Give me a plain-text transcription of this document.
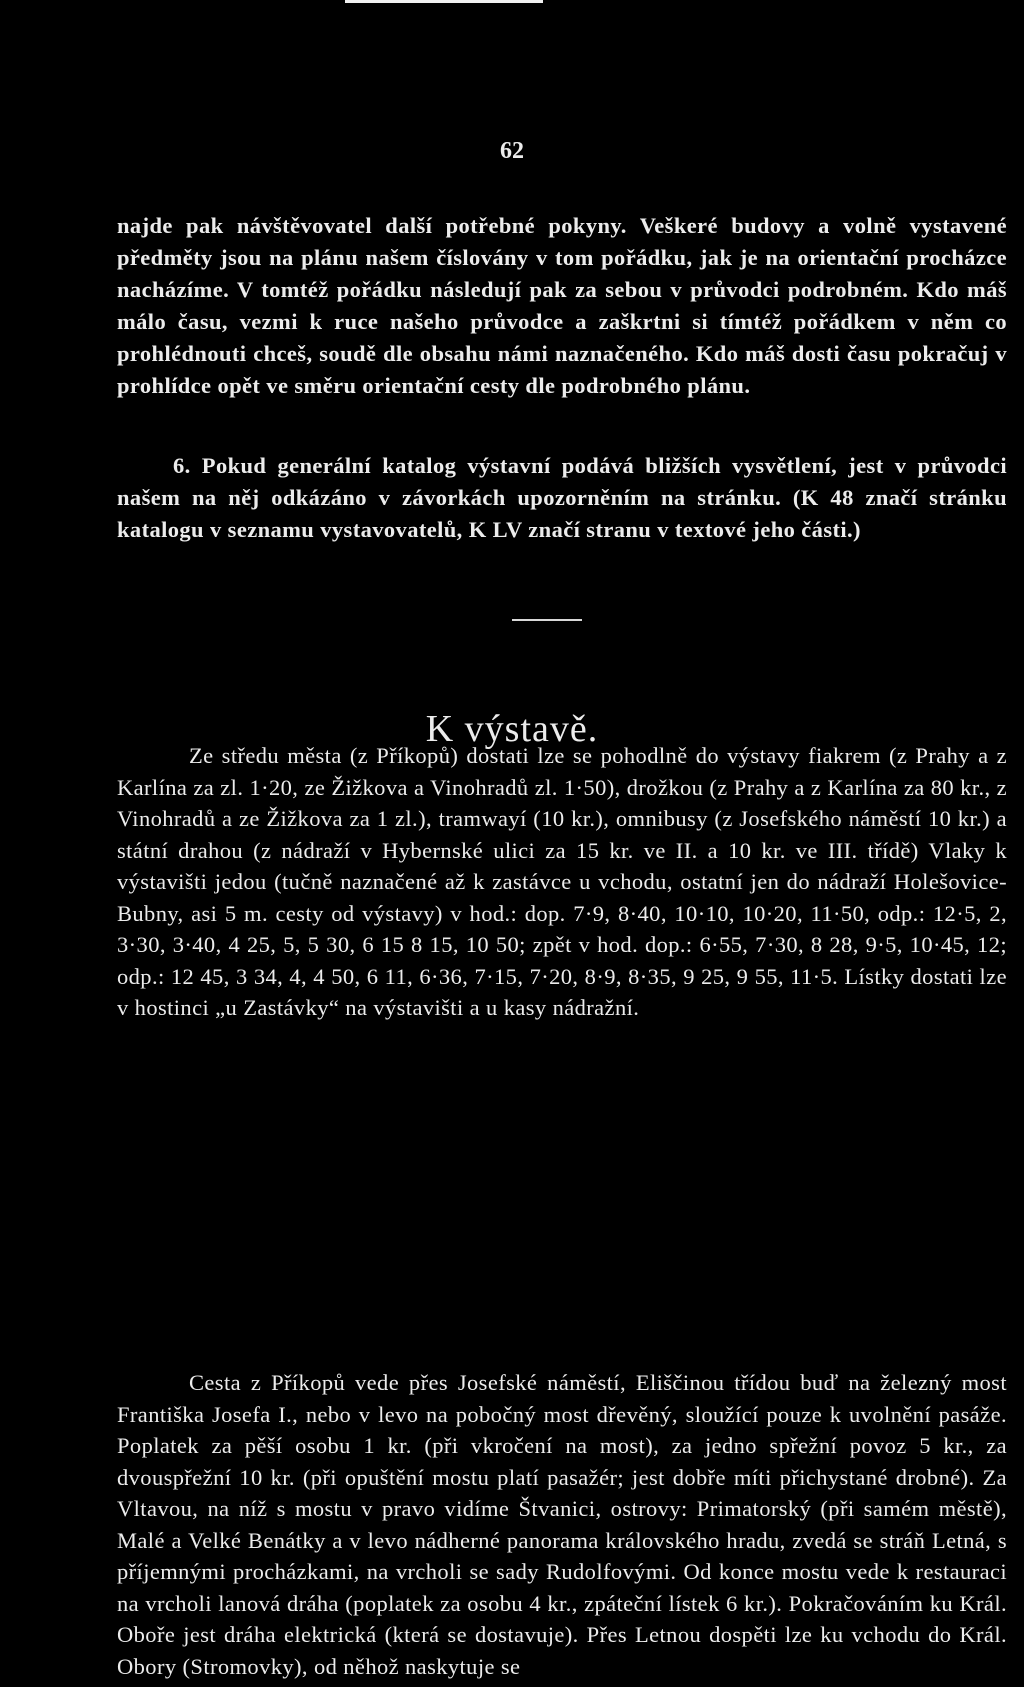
62

najde pak návštěvovatel další potřebné pokyny. Veškeré budovy a volně vystavené předměty jsou na plánu našem číslovány v tom pořádku, jak je na orientační procházce nacházíme. V tomtéž pořádku následují pak za sebou v průvodci podrobném. Kdo máš málo času, vezmi k ruce našeho průvodce a zaškrtni si tímtéž pořádkem v něm co prohlédnouti chceš, soudě dle obsahu námi naznačeného. Kdo máš dosti času pokračuj v prohlídce opět ve směru orientační cesty dle podrobného plánu.

6. Pokud generální katalog výstavní podává bližších vysvětlení, jest v průvodci našem na něj odkázáno v závorkách upozorněním na stránku. (K 48 značí stránku katalogu v seznamu vystavovatelů, K LV značí stranu v textové jeho části.)

K výstavě.

Ze středu města (z Příkopů) dostati lze se pohodlně do výstavy fiakrem (z Prahy a z Karlína za zl. 1·20, ze Žižkova a Vinohradů zl. 1·50), drožkou (z Prahy a z Karlína za 80 kr., z Vinohradů a ze Žižkova za 1 zl.), tramwayí (10 kr.), omnibusy (z Josefského náměstí 10 kr.) a státní drahou (z nádraží v Hybernské ulici za 15 kr. ve II. a 10 kr. ve III. třídě) Vlaky k výstavišti jedou (tučně naznačené až k zastávce u vchodu, ostatní jen do nádraží Holešovice-Bubny, asi 5 m. cesty od výstavy) v hod.: dop. 7·9, 8·40, 10·10, 10·20, 11·50, odp.: 12·5, 2, 3·30, 3·40, 4 25, 5, 5 30, 6 15 8 15, 10 50; zpět v hod. dop.: 6·55, 7·30, 8 28, 9·5, 10·45, 12; odp.: 12 45, 3 34, 4, 4 50, 6 11, 6·36, 7·15, 7·20, 8·9, 8·35, 9 25, 9 55, 11·5. Lístky dostati lze v hostinci „u Zastávky“ na výstavišti a u kasy nádražní.

Cesta z Příkopů vede přes Josefské náměstí, Eliščinou třídou buď na železný most Františka Josefa I., nebo v levo na pobočný most dřevěný, sloužící pouze k uvolnění pasáže. Poplatek za pěší osobu 1 kr. (při vkročení na most), za jedno spřežní povoz 5 kr., za dvouspřežní 10 kr. (při opuštění mostu platí pasažér; jest dobře míti přichystané drobné). Za Vltavou, na níž s mostu v pravo vidíme Štvanici, ostrovy: Primatorský (při samém městě), Malé a Velké Benátky a v levo nádherné panorama královského hradu, zvedá se stráň Letná, s příjemnými procházkami, na vrcholi se sady Rudolfovými. Od konce mostu vede k restauraci na vrcholi lanová dráha (poplatek za osobu 4 kr., zpáteční lístek 6 kr.). Pokračováním ku Král. Oboře jest dráha elektrická (která se dostavuje). Přes Letnou dospěti lze ku vchodu do Král. Obory (Stromovky), od něhož naskytuje se
